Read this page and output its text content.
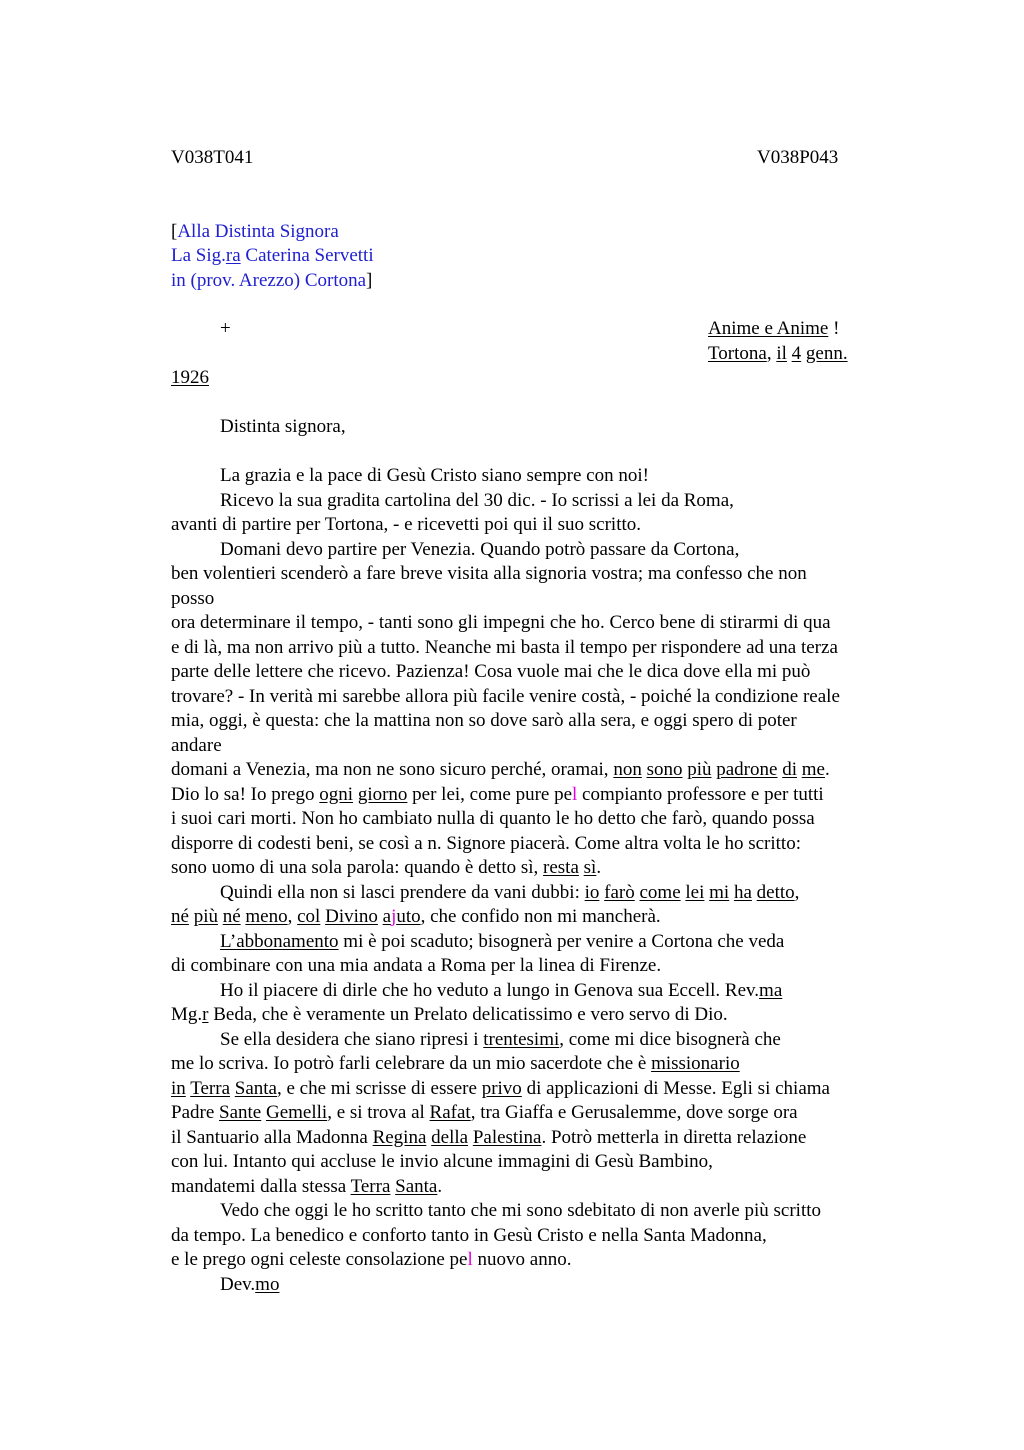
V038T041	V038P043
[Alla Distinta Signora
La Sig.ra Caterina Servetti
in (prov. Arezzo) Cortona]
+	Anime e Anime !
Tortona, il 4 genn.
1926
Distinta signora,
La grazia e la pace di Gesù Cristo siano sempre con noi!
Ricevo la sua gradita cartolina del 30 dic. - Io scrissi a lei da Roma,
avanti di partire per Tortona, - e ricevetti poi qui il suo scritto.
Domani devo partire per Venezia. Quando potrò passare da Cortona,
ben volentieri scenderò a fare breve visita alla signoria vostra; ma confesso che non
posso
ora determinare il tempo, - tanti sono gli impegni che ho. Cerco bene di stirarmi di qua
e di là, ma non arrivo più a tutto. Neanche mi basta il tempo per rispondere ad una terza
parte delle lettere che ricevo. Pazienza! Cosa vuole mai che le dica dove ella mi può
trovare? - In verità mi sarebbe allora più facile venire costà, - poiché la condizione reale
mia, oggi, è questa: che la mattina non so dove sarò alla sera, e oggi spero di poter
andare
domani a Venezia, ma non ne sono sicuro perché, oramai, non sono più padrone di me.
Dio lo sa! Io prego ogni giorno per lei, come pure pel compianto professore e per tutti
i suoi cari morti. Non ho cambiato nulla di quanto le ho detto che farò, quando possa
disporre di codesti beni, se così a n. Signore piacerà. Come altra volta le ho scritto:
sono uomo di una sola parola: quando è detto sì, resta sì.
Quindi ella non si lasci prendere da vani dubbi: io farò come lei mi ha detto,
né più né meno, col Divino ajuto, che confido non mi mancherà.
L’abbonamento mi è poi scaduto; bisognerà per venire a Cortona che veda
di combinare con una mia andata a Roma per la linea di Firenze.
Ho il piacere di dirle che ho veduto a lungo in Genova sua Eccell. Rev.ma
Mg.r Beda, che è veramente un Prelato delicatissimo e vero servo di Dio.
Se ella desidera che siano ripresi i trentesimi, come mi dice bisognerà che
me lo scriva. Io potrò farli celebrare da un mio sacerdote che è missionario
in Terra Santa, e che mi scrisse di essere privo di applicazioni di Messe. Egli si chiama
Padre Sante Gemelli, e si trova al Rafat, tra Giaffa e Gerusalemme, dove sorge ora
il Santuario alla Madonna Regina della Palestina. Potrò metterla in diretta relazione
con lui. Intanto qui accluse le invio alcune immagini di Gesù Bambino,
mandatemi dalla stessa Terra Santa.
Vedo che oggi le ho scritto tanto che mi sono sdebitato di non averle più scritto
da tempo. La benedico e conforto tanto in Gesù Cristo e nella Santa Madonna,
e le prego ogni celeste consolazione pel nuovo anno.
Dev.mo
